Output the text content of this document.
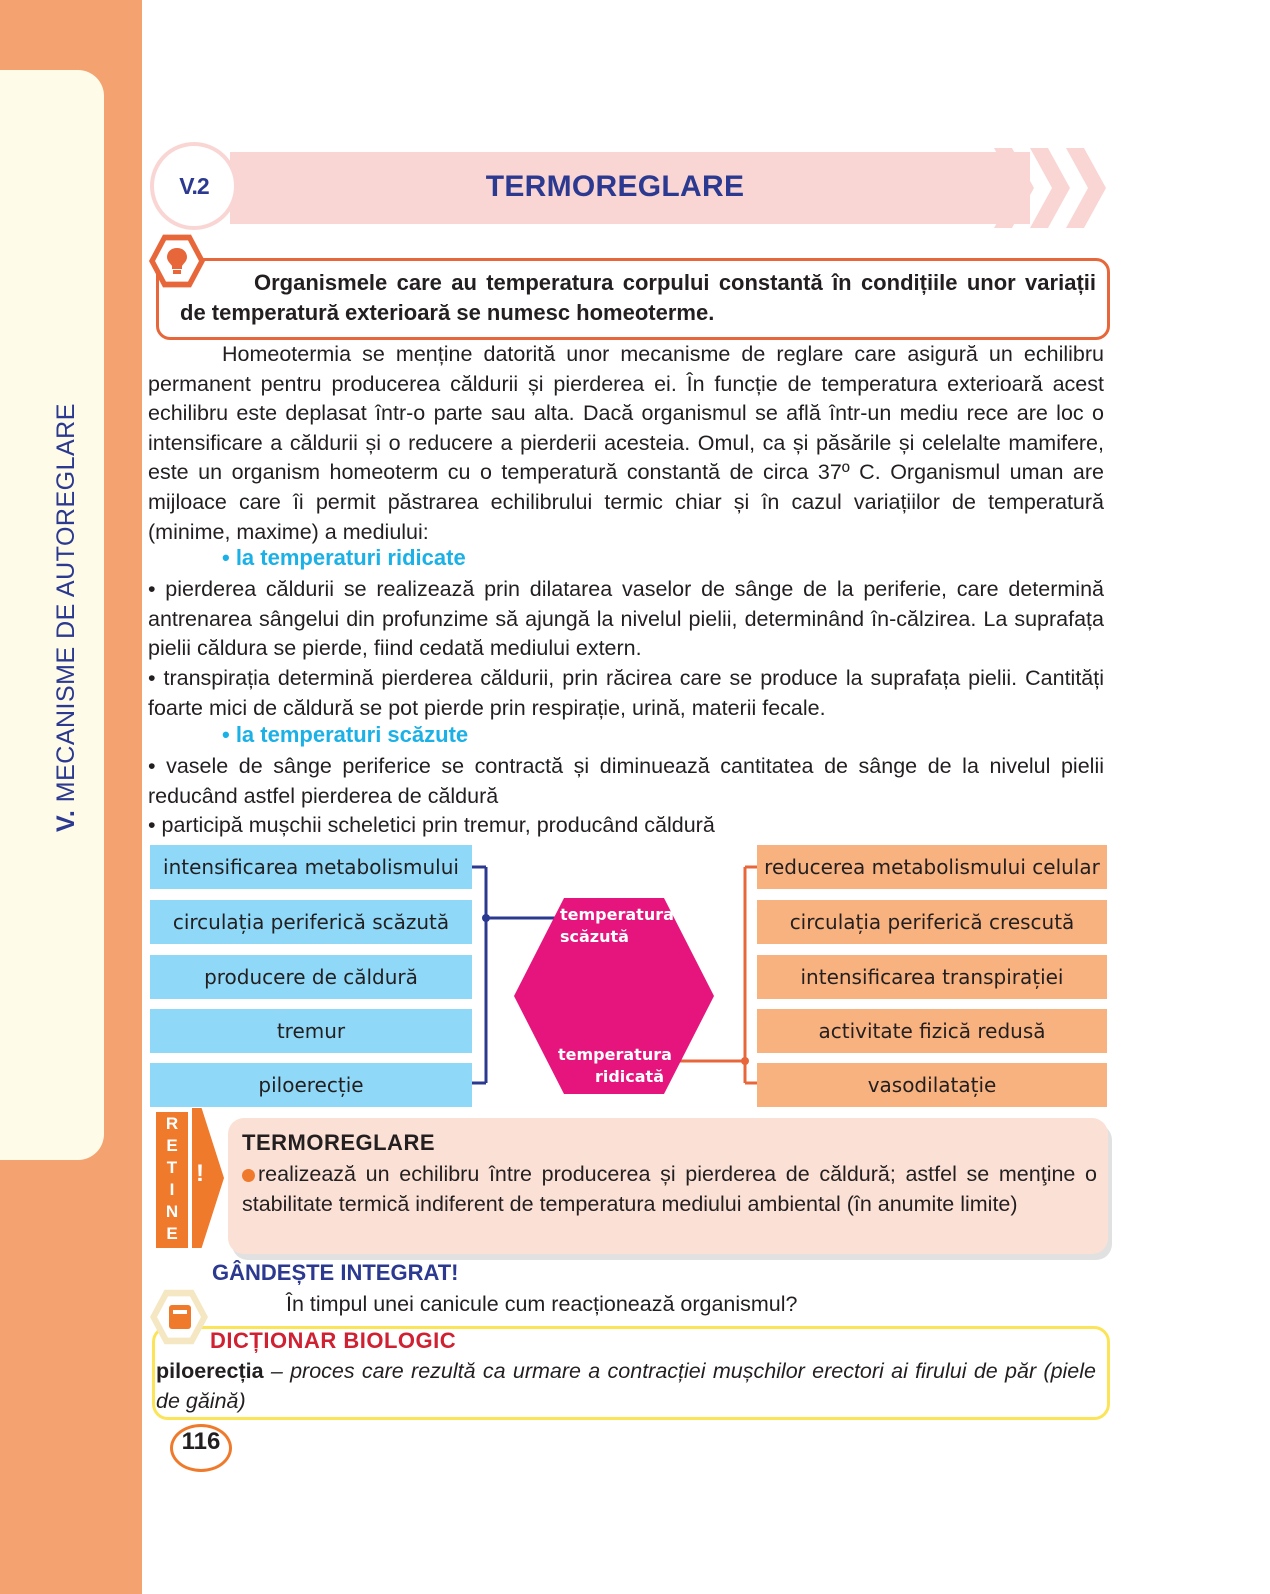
V. MECANISME DE AUTOREGLARE
V.2	TERMOREGLARE
Organismele care au temperatura corpului constantă în condițiile unor variații de temperatură exterioară se numesc homeoterme.
Homeotermia se menține datorită unor mecanisme de reglare care asigură un echilibru permanent pentru producerea căldurii și pierderea ei. În funcție de temperatura exterioară acest echilibru este deplasat într-o parte sau alta. Dacă organismul se află într-un mediu rece are loc o intensificare a căldurii și o reducere a pierderii acesteia. Omul, ca și păsările și celelalte mamifere, este un organism homeoterm cu o temperatură constantă de circa 37º C. Organismul uman are mijloace care îi permit păstrarea echilibrului termic chiar și în cazul variațiilor de temperatură (minime, maxime) a mediului:
• la temperaturi ridicate
• pierderea căldurii se realizează prin dilatarea vaselor de sânge de la periferie, care determină antrenarea sângelui din profunzime să ajungă la nivelul pielii, determinând în-călzirea. La suprafața pielii căldura se pierde, fiind cedată mediului extern.
• transpirația determină pierderea căldurii, prin răcirea care se produce la suprafața pielii. Cantități foarte mici de căldură se pot pierde prin respirație, urină, materii fecale.
• la temperaturi scăzute
• vasele de sânge periferice se contractă și diminuează cantitatea de sânge de la nivelul pielii reducând astfel pierderea de căldură
• participă mușchii scheletici prin tremur, producând căldură
intensificarea metabolismului
circulația periferică scăzută
producere de căldură
tremur
piloerecție
reducerea metabolismului celular
circulația periferică crescută
intensificarea transpirației
activitate fizică redusă
vasodilatație
temperatura
scăzută
temperatura
ridicată
R
E
T
I
N
E
!
TERMOREGLARE
realizează un echilibru între producerea și pierderea de căldură; astfel se menţine o stabilitate termică indiferent de temperatura mediului ambiental (în anumite limite)
GÂNDEȘTE INTEGRAT!
În timpul unei canicule cum reacționează organismul?
DICȚIONAR BIOLOGIC
piloerecția – proces care rezultă ca urmare a contracției mușchilor erectori ai firului de păr (piele de găină)
116
